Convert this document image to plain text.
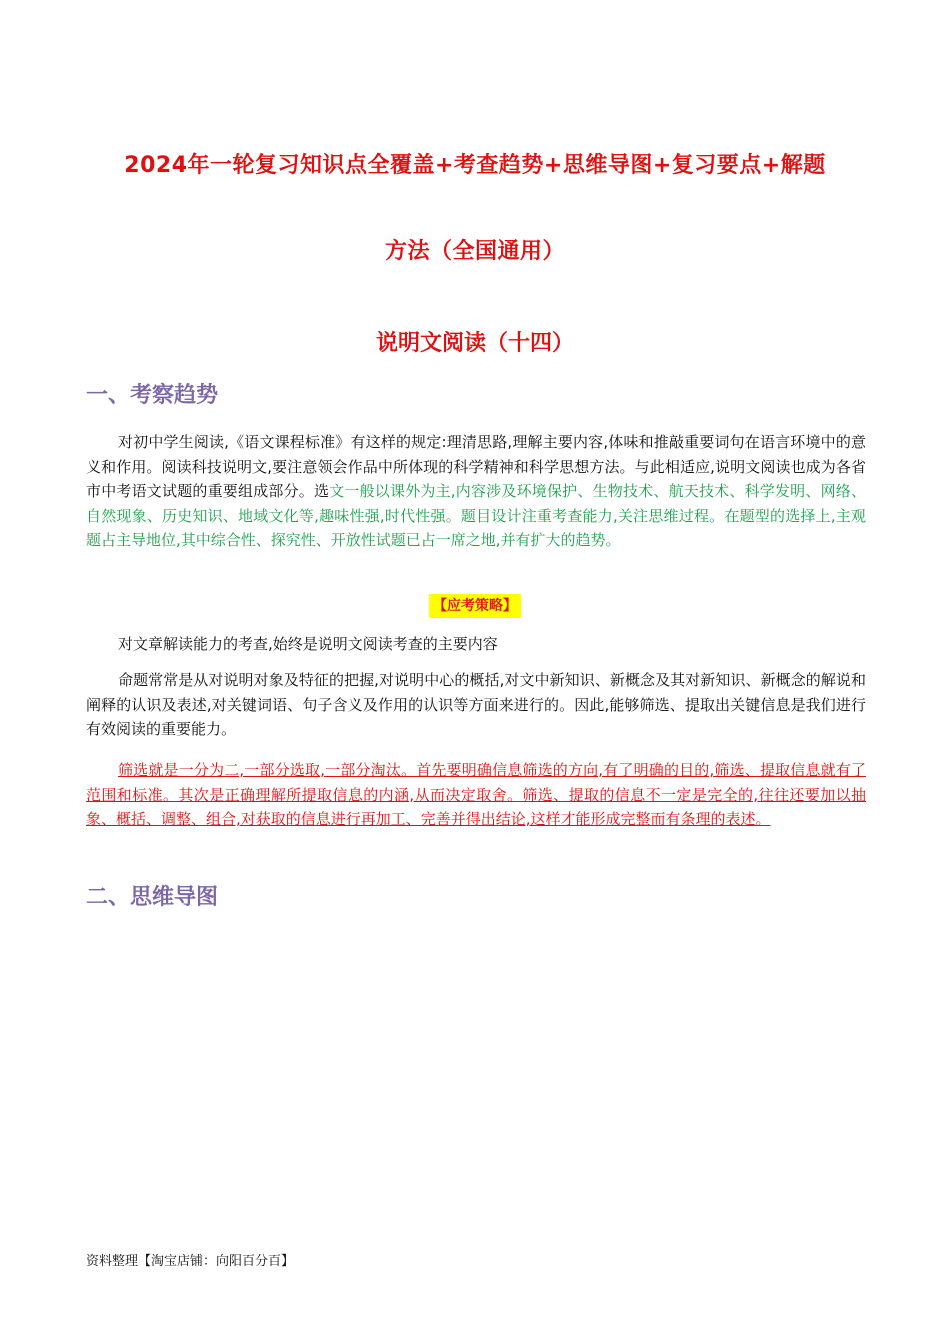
2024年一轮复习知识点全覆盖+考查趋势+思维导图+复习要点+解题
方法（全国通用）
说明文阅读（十四）
一、考察趋势
对初中学生阅读,《语文课程标准》有这样的规定:理清思路,理解主要内容,体味和推敲重要词句在语言环境中的意义和作用。阅读科技说明文,要注意领会作品中所体现的科学精神和科学思想方法。与此相适应,说明文阅读也成为各省市中考语文试题的重要组成部分。选文一般以课外为主,内容涉及环境保护、生物技术、航天技术、科学发明、网络、自然现象、历史知识、地域文化等,趣味性强,时代性强。题目设计注重考查能力,关注思维过程。在题型的选择上,主观题占主导地位,其中综合性、探究性、开放性试题已占一席之地,并有扩大的趋势。
【应考策略】
对文章解读能力的考查,始终是说明文阅读考查的主要内容
命题常常是从对说明对象及特征的把握,对说明中心的概括,对文中新知识、新概念及其对新知识、新概念的解说和阐释的认识及表述,对关键词语、句子含义及作用的认识等方面来进行的。因此,能够筛选、提取出关键信息是我们进行有效阅读的重要能力。
筛选就是一分为二,一部分选取,一部分淘汰。首先要明确信息筛选的方向,有了明确的目的,筛选、提取信息就有了范围和标准。其次是正确理解所提取信息的内涵,从而决定取舍。筛选、提取的信息不一定是完全的,往往还要加以抽象、概括、调整、组合,对获取的信息进行再加工、完善并得出结论,这样才能形成完整而有条理的表述。
二、思维导图
资料整理【淘宝店铺：向阳百分百】
